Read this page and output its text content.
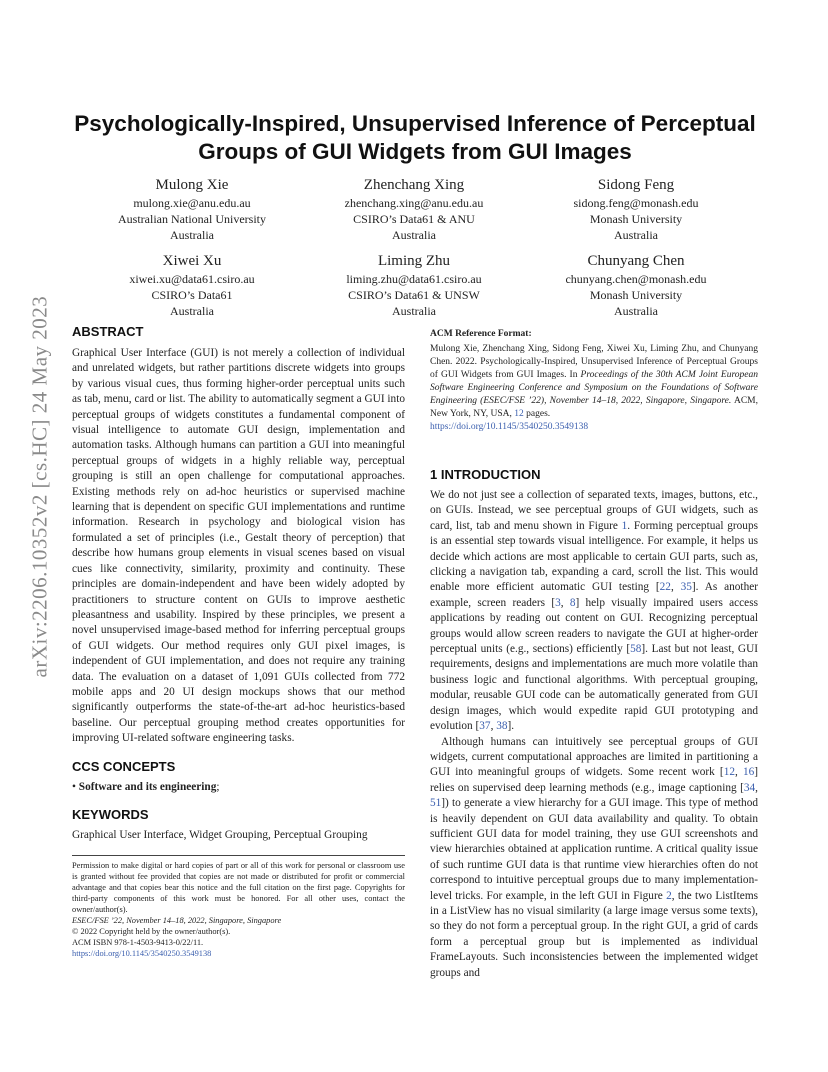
arXiv:2206.10352v2 [cs.HC] 24 May 2023
Psychologically-Inspired, Unsupervised Inference of Perceptual
Groups of GUI Widgets from GUI Images
Mulong Xie
mulong.xie@anu.edu.au
Australian National University
Australia
Zhenchang Xing
zhenchang.xing@anu.edu.au
CSIRO’s Data61 & ANU
Australia
Sidong Feng
sidong.feng@monash.edu
Monash University
Australia
Xiwei Xu
xiwei.xu@data61.csiro.au
CSIRO’s Data61
Australia
Liming Zhu
liming.zhu@data61.csiro.au
CSIRO’s Data61 & UNSW
Australia
Chunyang Chen
chunyang.chen@monash.edu
Monash University
Australia
ABSTRACT
Graphical User Interface (GUI) is not merely a collection of individual and unrelated widgets, but rather partitions discrete widgets into groups by various visual cues, thus forming higher-order perceptual units such as tab, menu, card or list. The ability to automatically segment a GUI into perceptual groups of widgets constitutes a fundamental component of visual intelligence to automate GUI design, implementation and automation tasks. Although humans can partition a GUI into meaningful perceptual groups of widgets in a highly reliable way, perceptual grouping is still an open challenge for computational approaches. Existing methods rely on ad-hoc heuristics or supervised machine learning that is dependent on specific GUI implementations and runtime information. Research in psychology and biological vision has formulated a set of principles (i.e., Gestalt theory of perception) that describe how humans group elements in visual scenes based on visual cues like connectivity, similarity, proximity and continuity. These principles are domain-independent and have been widely adopted by practitioners to structure content on GUIs to improve aesthetic pleasantness and usability. Inspired by these principles, we present a novel unsupervised image-based method for inferring perceptual groups of GUI widgets. Our method requires only GUI pixel images, is independent of GUI implementation, and does not require any training data. The evaluation on a dataset of 1,091 GUIs collected from 772 mobile apps and 20 UI design mockups shows that our method significantly outperforms the state-of-the-art ad-hoc heuristics-based baseline. Our perceptual grouping method creates opportunities for improving UI-related software engineering tasks.
CCS CONCEPTS
• Software and its engineering;
KEYWORDS
Graphical User Interface, Widget Grouping, Perceptual Grouping
Permission to make digital or hard copies of part or all of this work for personal or classroom use is granted without fee provided that copies are not made or distributed for profit or commercial advantage and that copies bear this notice and the full citation on the first page. Copyrights for third-party components of this work must be honored. For all other uses, contact the owner/author(s).
ESEC/FSE ’22, November 14–18, 2022, Singapore, Singapore
© 2022 Copyright held by the owner/author(s).
ACM ISBN 978-1-4503-9413-0/22/11.
https://doi.org/10.1145/3540250.3549138
ACM Reference Format:
Mulong Xie, Zhenchang Xing, Sidong Feng, Xiwei Xu, Liming Zhu, and Chunyang Chen. 2022. Psychologically-Inspired, Unsupervised Inference of Perceptual Groups of GUI Widgets from GUI Images. In Proceedings of the 30th ACM Joint European Software Engineering Conference and Symposium on the Foundations of Software Engineering (ESEC/FSE ’22), November 14–18, 2022, Singapore, Singapore. ACM, New York, NY, USA, 12 pages.
https://doi.org/10.1145/3540250.3549138
1 INTRODUCTION
We do not just see a collection of separated texts, images, buttons, etc., on GUIs. Instead, we see perceptual groups of GUI widgets, such as card, list, tab and menu shown in Figure 1. Forming perceptual groups is an essential step towards visual intelligence. For example, it helps us decide which actions are most applicable to certain GUI parts, such as, clicking a navigation tab, expanding a card, scroll the list. This would enable more efficient automatic GUI testing [22, 35]. As another example, screen readers [3, 8] help visually impaired users access applications by reading out content on GUI. Recognizing perceptual groups would allow screen readers to navigate the GUI at higher-order perceptual units (e.g., sections) efficiently [58]. Last but not least, GUI requirements, designs and implementations are much more volatile than business logic and functional algorithms. With perceptual grouping, modular, reusable GUI code can be automatically generated from GUI design images, which would expedite rapid GUI prototyping and evolution [37, 38].
Although humans can intuitively see perceptual groups of GUI widgets, current computational approaches are limited in partitioning a GUI into meaningful groups of widgets. Some recent work [12, 16] relies on supervised deep learning methods (e.g., image captioning [34, 51]) to generate a view hierarchy for a GUI image. This type of method is heavily dependent on GUI data availability and quality. To obtain sufficient GUI data for model training, they use GUI screenshots and view hierarchies obtained at application runtime. A critical quality issue of such runtime GUI data is that runtime view hierarchies often do not correspond to intuitive perceptual groups due to many implementation-level tricks. For example, in the left GUI in Figure 2, the two ListItems in a ListView has no visual similarity (a large image versus some texts), so they do not form a perceptual group. In the right GUI, a grid of cards form a perceptual group but is implemented as individual FrameLayouts. Such inconsistencies between the implemented widget groups and
